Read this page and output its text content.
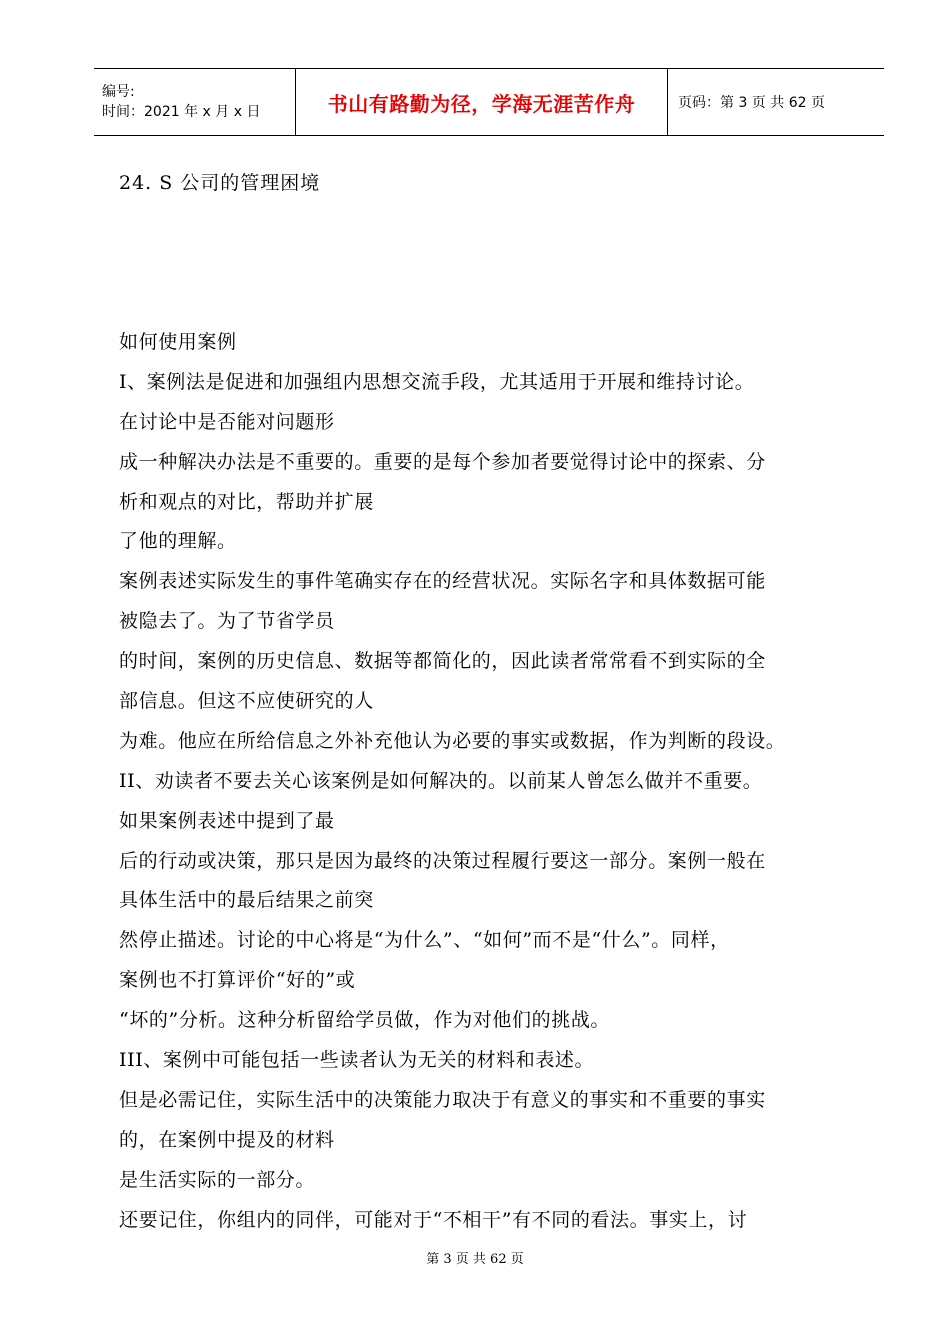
编号:
时间：2021 年 x 月 x 日	书山有路勤为径，学海无涯苦作舟	页码：第 3 页 共 62 页
24. S 公司的管理困境
如何使用案例
I、案例法是促进和加强组内思想交流手段，尤其适用于开展和维持讨论。
在讨论中是否能对问题形
成一种解决办法是不重要的。重要的是每个参加者要觉得讨论中的探索、分
析和观点的对比，帮助并扩展
了他的理解。
案例表述实际发生的事件笔确实存在的经营状况。实际名字和具体数据可能
被隐去了。为了节省学员
的时间，案例的历史信息、数据等都简化的，因此读者常常看不到实际的全
部信息。但这不应使研究的人
为难。他应在所给信息之外补充他认为必要的事实或数据，作为判断的段设。
II、劝读者不要去关心该案例是如何解决的。以前某人曾怎么做并不重要。
如果案例表述中提到了最
后的行动或决策，那只是因为最终的决策过程履行要这一部分。案例一般在
具体生活中的最后结果之前突
然停止描述。讨论的中心将是“为什么”、“如何”而不是“什么”。同样，
案例也不打算评价“好的”或
“坏的”分析。这种分析留给学员做，作为对他们的挑战。
III、案例中可能包括一些读者认为无关的材料和表述。
但是必需记住，实际生活中的决策能力取决于有意义的事实和不重要的事实
的，在案例中提及的材料
是生活实际的一部分。
还要记住，你组内的同伴，可能对于“不相干”有不同的看法。事实上，讨
第 3 页 共 62 页
